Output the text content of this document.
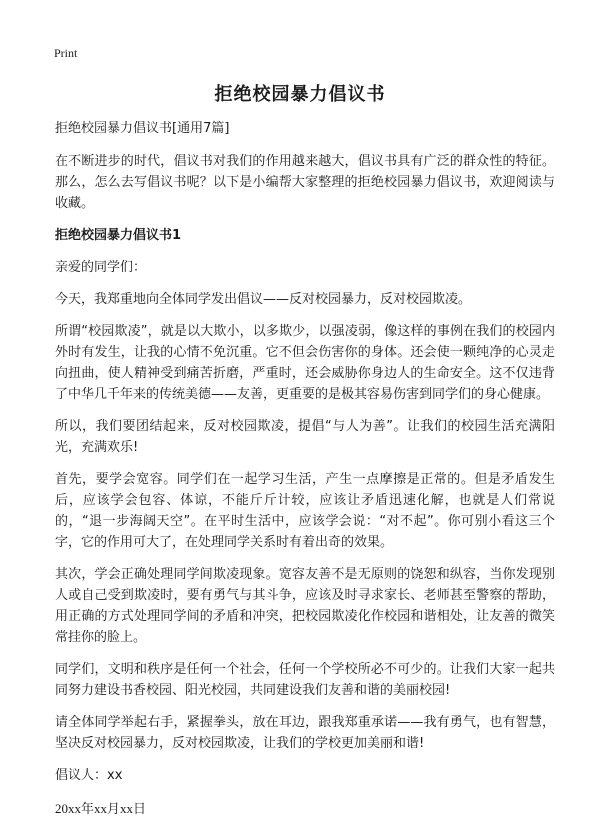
Print
拒绝校园暴力倡议书

拒绝校园暴力倡议书[通用7篇]

在不断进步的时代，倡议书对我们的作用越来越大，倡议书具有广泛的群众性的特征。那么，怎么去写倡议书呢？以下是小编帮大家整理的拒绝校园暴力倡议书，欢迎阅读与收藏。

拒绝校园暴力倡议书1

亲爱的同学们：

今天，我郑重地向全体同学发出倡议——反对校园暴力，反对校园欺凌。

所谓“校园欺凌”，就是以大欺小，以多欺少，以强凌弱，像这样的事例在我们的校园内外时有发生，让我的心情不免沉重。它不但会伤害你的身体。还会使一颗纯净的心灵走向扭曲，使人精神受到痛苦折磨，严重时，还会威胁你身边人的生命安全。这不仅违背了中华几千年来的传统美德——友善，更重要的是极其容易伤害到同学们的身心健康。

所以，我们要团结起来，反对校园欺凌，提倡“与人为善”。让我们的校园生活充满阳光，充满欢乐!

首先，要学会宽容。同学们在一起学习生活，产生一点摩擦是正常的。但是矛盾发生后，应该学会包容、体谅，不能斤斤计较，应该让矛盾迅速化解，也就是人们常说的，“退一步海阔天空”。在平时生活中，应该学会说：“对不起”。你可别小看这三个字，它的作用可大了，在处理同学关系时有着出奇的效果。

其次，学会正确处理同学间欺凌现象。宽容友善不是无原则的饶恕和纵容，当你发现别人或自己受到欺凌时，要有勇气与其斗争，应该及时寻求家长、老师甚至警察的帮助，用正确的方式处理同学间的矛盾和冲突，把校园欺凌化作校园和谐相处，让友善的微笑常挂你的脸上。

同学们，文明和秩序是任何一个社会，任何一个学校所必不可少的。让我们大家一起共同努力建设书香校园、阳光校园，共同建设我们友善和谐的美丽校园!

请全体同学举起右手，紧握拳头，放在耳边，跟我郑重承诺——我有勇气，也有智慧，坚决反对校园暴力，反对校园欺凌，让我们的学校更加美丽和谐!

倡议人：xx

20xx年xx月xx日
